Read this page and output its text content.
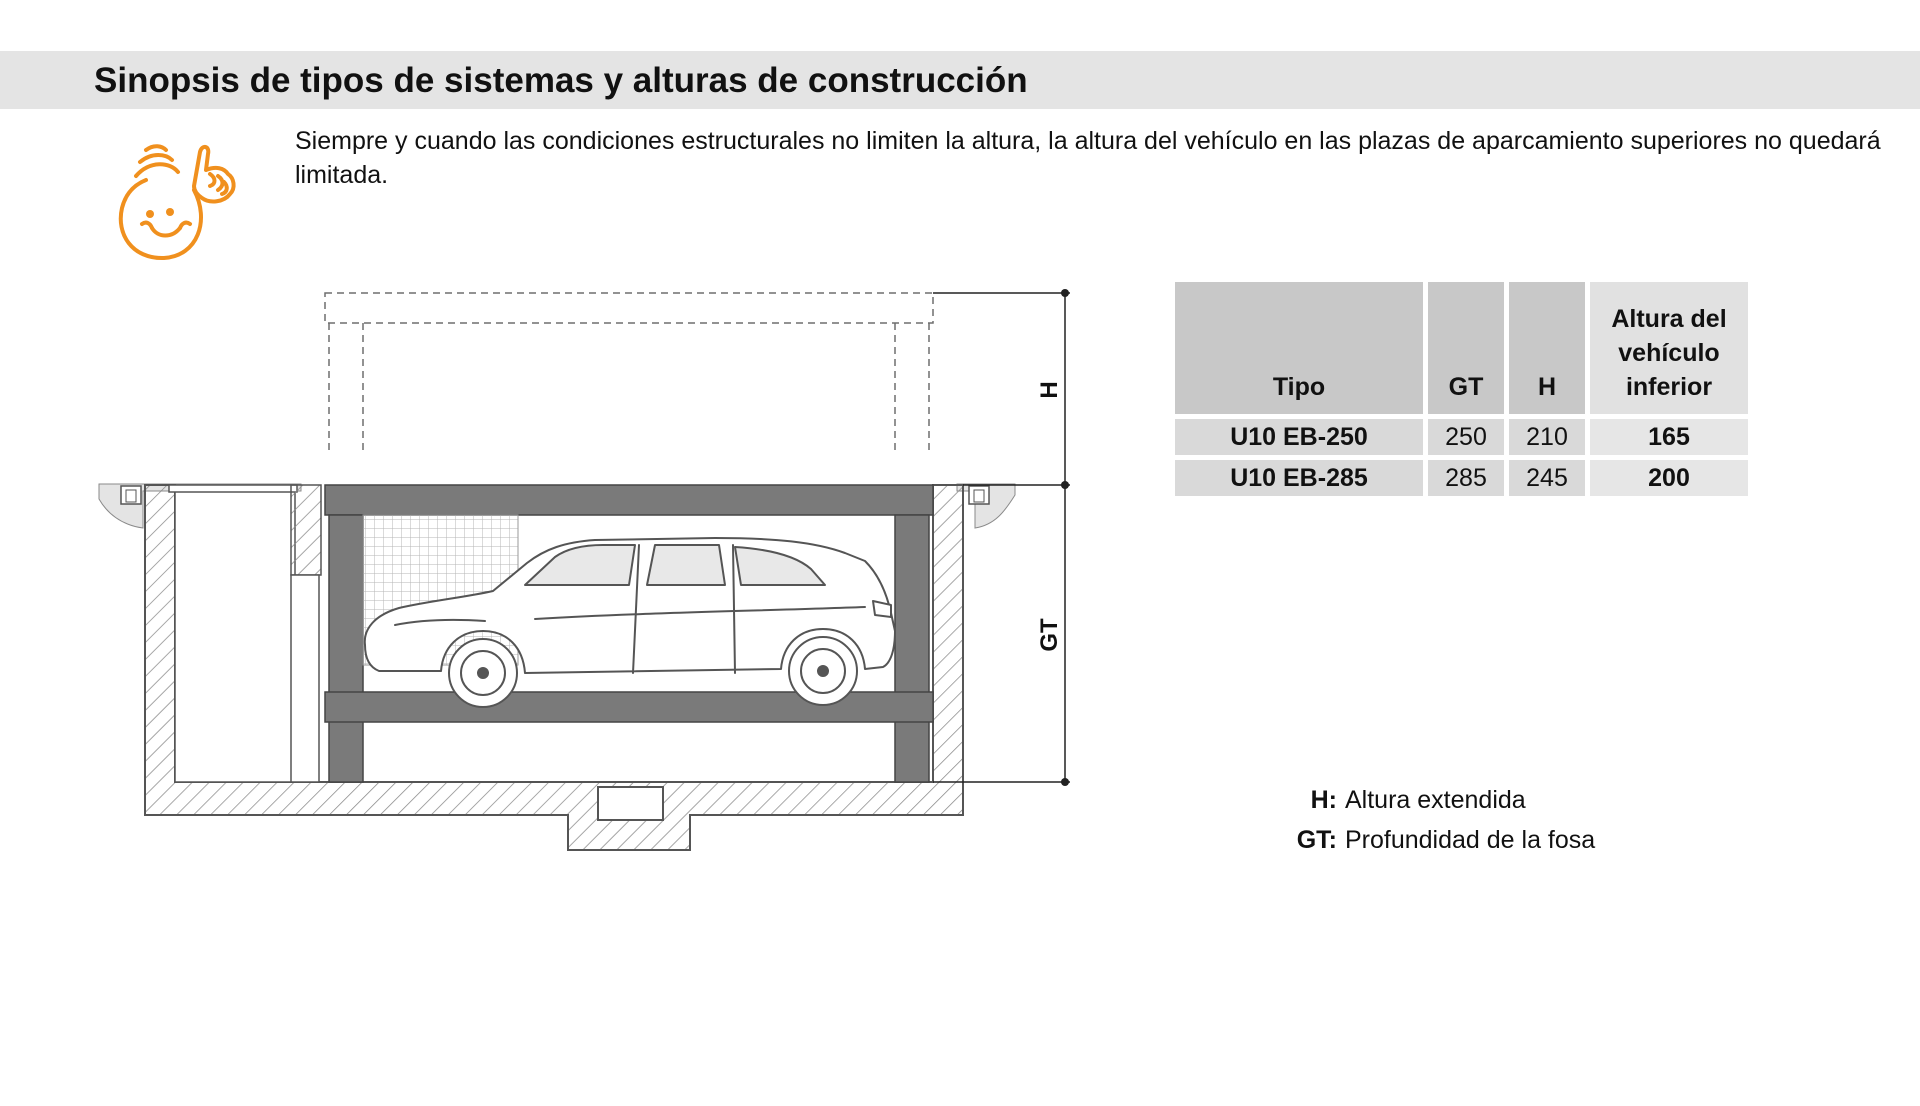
Sinopsis de tipos de sistemas y alturas de construcción

Siempre y cuando las condiciones estructurales no limiten la altura, la altura del vehículo en las plazas de aparcamiento superiores no quedará limitada.

H
GT
Tipo	GT	H	Altura del
vehículo
inferior
U10 EB-250	250	210	165
U10 EB-285	285	245	200
H: Altura extendida
GT: Profundidad de la fosa
